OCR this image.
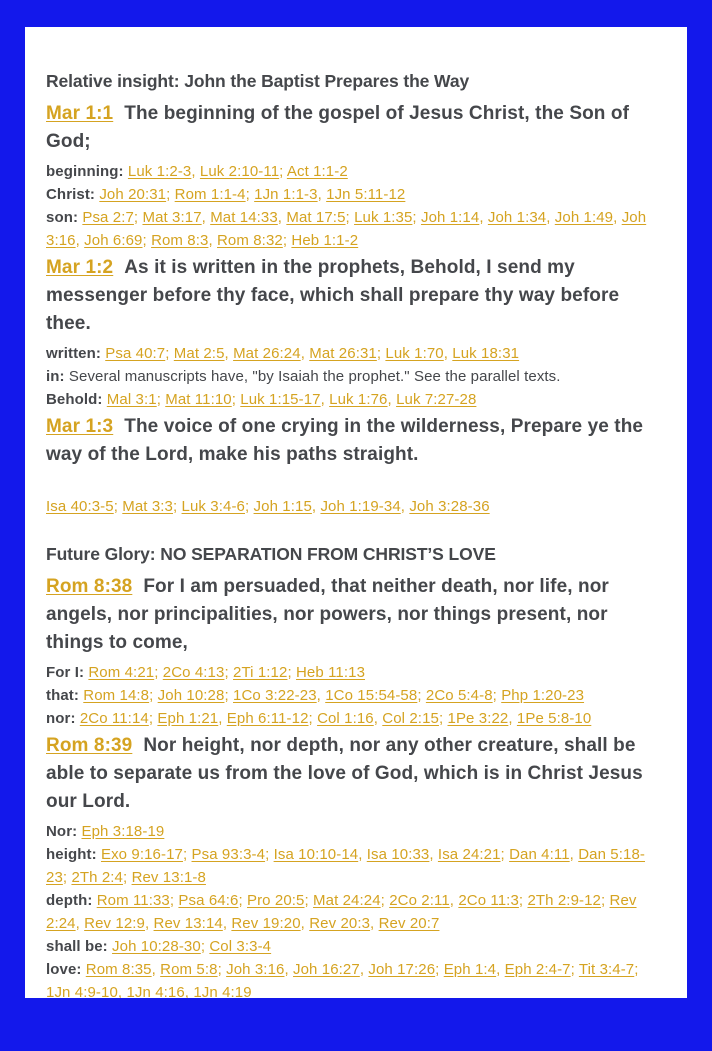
Relative insight: John the Baptist Prepares the Way

Mar 1:1 The beginning of the gospel of Jesus Christ, the Son of God;

beginning: Luk 1:2-3, Luk 2:10-11; Act 1:1-2

Christ: Joh 20:31; Rom 1:1-4; 1Jn 1:1-3, 1Jn 5:11-12

son: Psa 2:7; Mat 3:17, Mat 14:33, Mat 17:5; Luk 1:35; Joh 1:14, Joh 1:34, Joh 1:49, Joh 3:16, Joh 6:69; Rom 8:3, Rom 8:32; Heb 1:1-2

Mar 1:2 As it is written in the prophets, Behold, I send my messenger before thy face, which shall prepare thy way before thee.

written: Psa 40:7; Mat 2:5, Mat 26:24, Mat 26:31; Luk 1:70, Luk 18:31

in: Several manuscripts have, "by Isaiah the prophet." See the parallel texts.

Behold: Mal 3:1; Mat 11:10; Luk 1:15-17, Luk 1:76, Luk 7:27-28

Mar 1:3 The voice of one crying in the wilderness, Prepare ye the way of the Lord, make his paths straight.

Isa 40:3-5; Mat 3:3; Luk 3:4-6; Joh 1:15, Joh 1:19-34, Joh 3:28-36

Future Glory: NO SEPARATION FROM CHRIST’S LOVE

Rom 8:38 For I am persuaded, that neither death, nor life, nor angels, nor principalities, nor powers, nor things present, nor things to come,

For I: Rom 4:21; 2Co 4:13; 2Ti 1:12; Heb 11:13

that: Rom 14:8; Joh 10:28; 1Co 3:22-23, 1Co 15:54-58; 2Co 5:4-8; Php 1:20-23

nor: 2Co 11:14; Eph 1:21, Eph 6:11-12; Col 1:16, Col 2:15; 1Pe 3:22, 1Pe 5:8-10

Rom 8:39 Nor height, nor depth, nor any other creature, shall be able to separate us from the love of God, which is in Christ Jesus our Lord.

Nor: Eph 3:18-19

height: Exo 9:16-17; Psa 93:3-4; Isa 10:10-14, Isa 10:33, Isa 24:21; Dan 4:11, Dan 5:18-23; 2Th 2:4; Rev 13:1-8

depth: Rom 11:33; Psa 64:6; Pro 20:5; Mat 24:24; 2Co 2:11, 2Co 11:3; 2Th 2:9-12; Rev 2:24, Rev 12:9, Rev 13:14, Rev 19:20, Rev 20:3, Rev 20:7

shall be: Joh 10:28-30; Col 3:3-4

love: Rom 8:35, Rom 5:8; Joh 3:16, Joh 16:27, Joh 17:26; Eph 1:4, Eph 2:4-7; Tit 3:4-7; 1Jn 4:9-10, 1Jn 4:16, 1Jn 4:19
